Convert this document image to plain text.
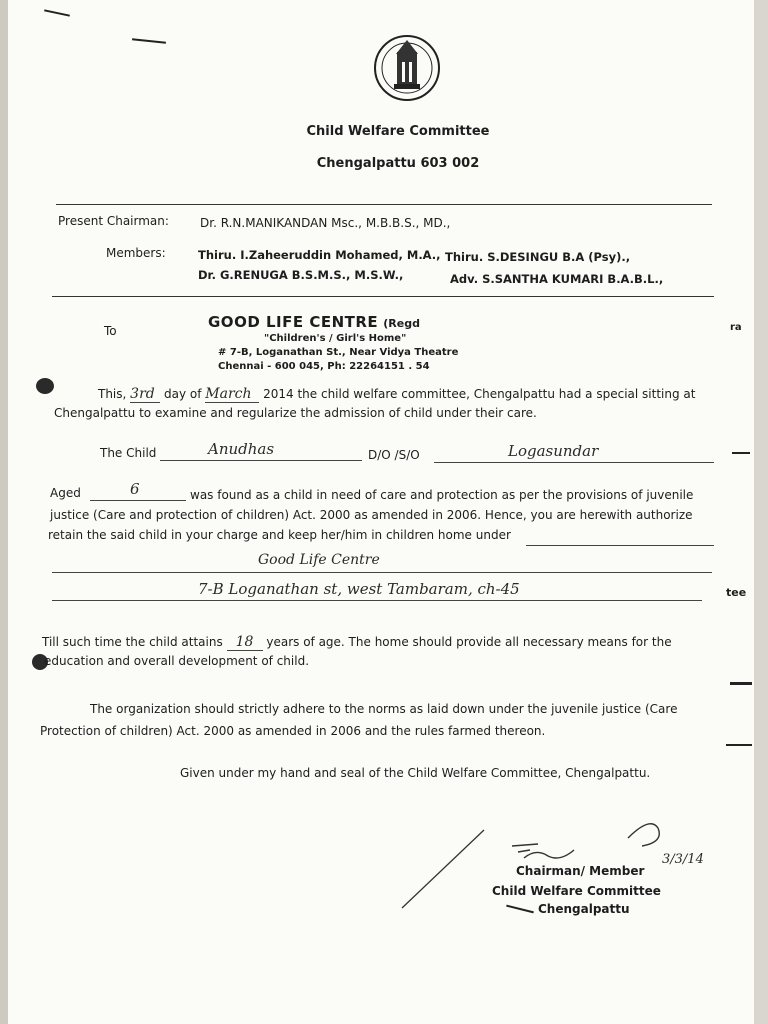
Child Welfare Committee
Chengalpattu 603 002
Present Chairman:	Dr. R.N.MANIKANDAN Msc., M.B.B.S., MD.,
Members:	Thiru. I.Zaheeruddin Mohamed, M.A., Thiru. S.DESINGU B.A (Psy).,
Dr. G.RENUGA B.S.M.S., M.S.W.,	Adv. S.SANTHA KUMARI B.A.B.L.,
To	GOOD LIFE CENTRE (Regd
"Children's / Girl's Home"
# 7-B, Loganathan St., Near Vidya Theatre
Chennai - 600 045, Ph: 22264151 . 54
This, 3rd day of March 2014 the child welfare committee, Chengalpattu had a special sitting at
Chengalpattu to examine and regularize the admission of child under their care.
The Child	Anudhas	D/O /S/O	Logasundar
Aged	6	was found as a child in need of care and protection as per the provisions of juvenile
justice (Care and protection of children) Act. 2000 as amended in 2006. Hence, you are herewith authorize
retain the said child in your charge and keep her/him in children home under
Good Life Centre
7-B Loganathan st, west Tambaram, ch-45
Till such time the child attains 18 years of age. The home should provide all necessary means for the
education and overall development of child.
The organization should strictly adhere to the norms as laid down under the juvenile justice (Care
Protection of children) Act. 2000 as amended in 2006 and the rules farmed thereon.
Given under my hand and seal of the Child Welfare Committee, Chengalpattu.
3/3/14
Chairman/ Member
Child Welfare Committee
Chengalpattu
ra
tee
